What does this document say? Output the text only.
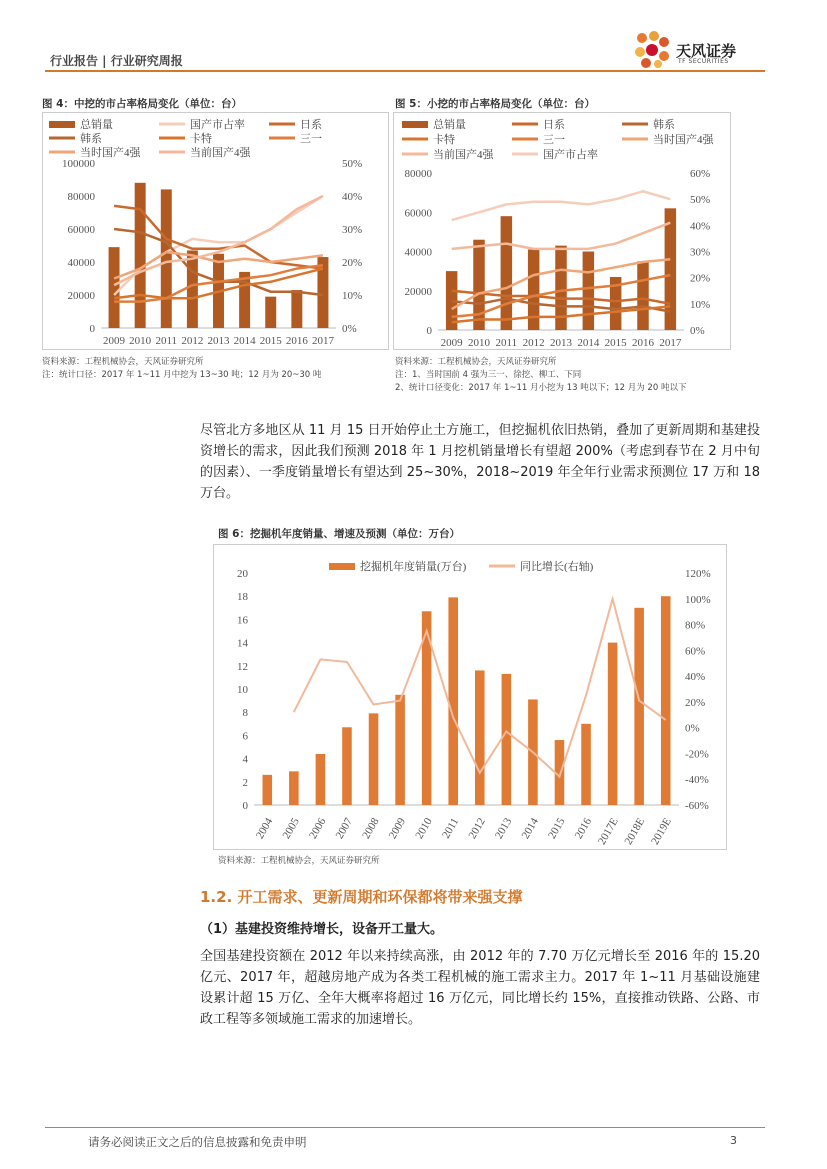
行业报告 | 行业研究周报
天风证券
TF SECURITIES
图 4：中挖的市占率格局变化（单位：台）
100000
80000
60000
40000
20000
0
50%
40%
30%
20%
10%
0%
2009 2010 2011 2012 2013 2014 2015 2016 2017
总销量	国产市占率	日系
韩系	卡特	三一
当时国产4强	当前国产4强
资料来源：工程机械协会，天风证券研究所
注：统计口径：2017 年 1~11 月中挖为 13~30 吨；12 月为 20~30 吨
图 5：小挖的市占率格局变化（单位：台）
80000
60000
40000
20000
0
60%
50%
40%
30%
20%
10%
0%
2009 2010 2011 2012 2013 2014 2015 2016 2017
总销量	日系	韩系
卡特	三一	当时国产4强
当前国产4强	国产市占率
资料来源：工程机械协会，天风证券研究所
注：1、当时国前 4 强为三一、徐挖、柳工、下同
2、统计口径变化：2017 年 1~11 月小挖为 13 吨以下；12 月为 20 吨以下
尽管北方多地区从 11 月 15 日开始停止土方施工，但挖掘机依旧热销，叠加了更新周期和基建投资增长的需求，因此我们预测 2018 年 1 月挖机销量增长有望超 200%（考虑到春节在 2 月中旬的因素）、一季度销量增长有望达到 25~30%，2018~2019 年全年行业需求预测位 17 万和 18 万台。
图 6：挖掘机年度销量、增速及预测（单位：万台）
20
18
16
14
12
10
8
6
4
2
0
120%
100%
80%
60%
40%
20%
0%
-20%
-40%
-60%
2004 2005 2006 2007 2008 2009 2010 2011 2012 2013 2014 2015 2016 2017E 2018E 2019E
挖掘机年度销量(万台)	同比增长(右轴)
资料来源：工程机械协会，天风证券研究所
1.2. 开工需求、更新周期和环保都将带来强支撑
（1）基建投资维持增长，设备开工量大。
全国基建投资额在 2012 年以来持续高涨，由 2012 年的 7.70 万亿元增长至 2016 年的 15.20 亿元、2017 年，超越房地产成为各类工程机械的施工需求主力。2017 年 1~11 月基础设施建设累计超 15 万亿、全年大概率将超过 16 万亿元，同比增长约 15%，直接推动铁路、公路、市政工程等多领域施工需求的加速增长。
请务必阅读正文之后的信息披露和免责申明	3
